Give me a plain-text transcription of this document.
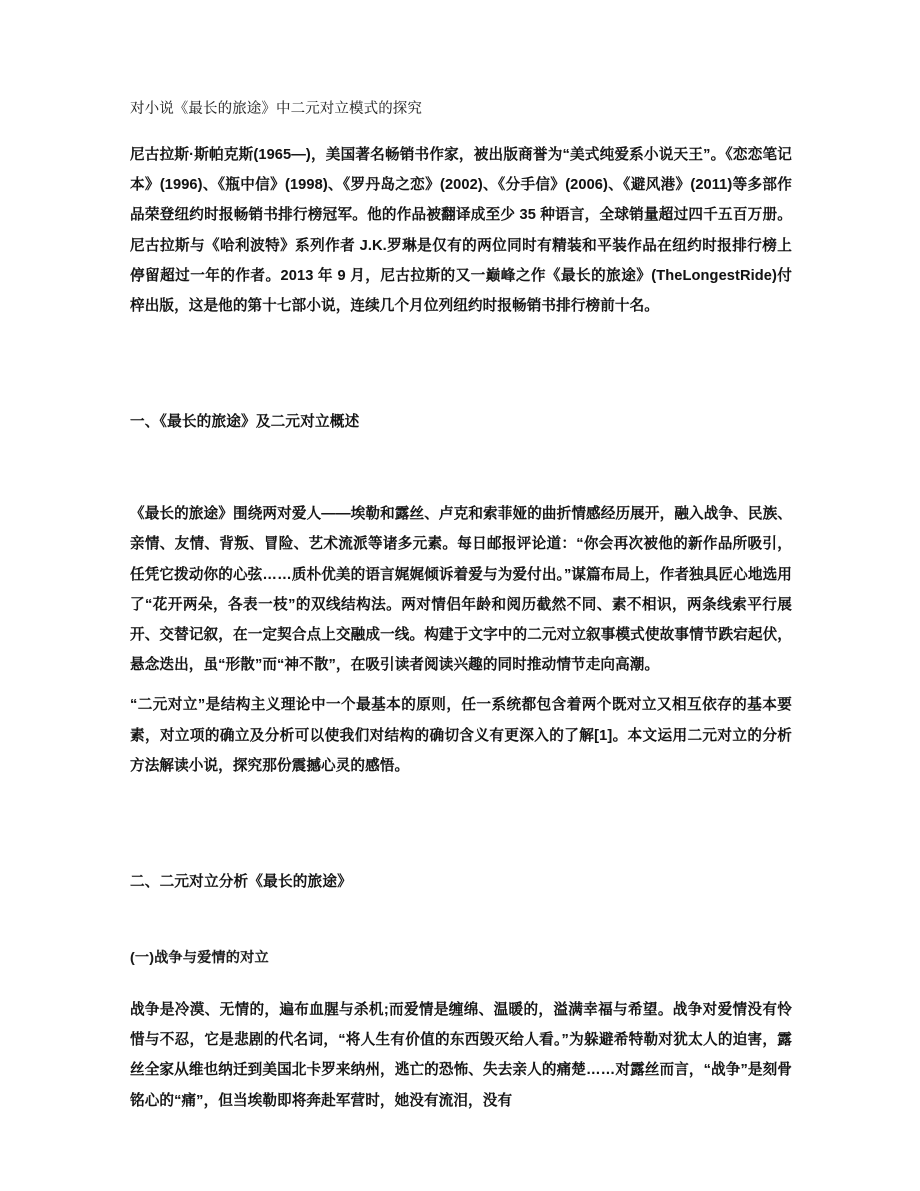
对小说《最长的旅途》中二元对立模式的探究

尼古拉斯·斯帕克斯(1965—)，美国著名畅销书作家，被出版商誉为“美式纯爱系小说天王”。《恋恋笔记本》(1996)、《瓶中信》(1998)、《罗丹岛之恋》(2002)、《分手信》(2006)、《避风港》(2011)等多部作品荣登纽约时报畅销书排行榜冠军。他的作品被翻译成至少 35 种语言，全球销量超过四千五百万册。尼古拉斯与《哈利波特》系列作者 J.K.罗琳是仅有的两位同时有精装和平装作品在纽约时报排行榜上停留超过一年的作者。2013 年 9 月，尼古拉斯的又一巅峰之作《最长的旅途》(TheLongestRide)付梓出版，这是他的第十七部小说，连续几个月位列纽约时报畅销书排行榜前十名。

一、《最长的旅途》及二元对立概述

《最长的旅途》围绕两对爱人——埃勒和露丝、卢克和索菲娅的曲折情感经历展开，融入战争、民族、亲情、友情、背叛、冒险、艺术流派等诸多元素。每日邮报评论道：“你会再次被他的新作品所吸引，任凭它拨动你的心弦……质朴优美的语言娓娓倾诉着爱与为爱付出。”谋篇布局上，作者独具匠心地选用了“花开两朵，各表一枝”的双线结构法。两对情侣年龄和阅历截然不同、素不相识，两条线索平行展开、交替记叙，在一定契合点上交融成一线。构建于文字中的二元对立叙事模式使故事情节跌宕起伏，悬念迭出，虽“形散”而“神不散”，在吸引读者阅读兴趣的同时推动情节走向高潮。

“二元对立”是结构主义理论中一个最基本的原则，任一系统都包含着两个既对立又相互依存的基本要素，对立项的确立及分析可以使我们对结构的确切含义有更深入的了解[1]。本文运用二元对立的分析方法解读小说，探究那份震撼心灵的感悟。

二、二元对立分析《最长的旅途》
(一)战争与爱情的对立

战争是冷漠、无情的，遍布血腥与杀机;而爱情是缠绵、温暖的，溢满幸福与希望。战争对爱情没有怜惜与不忍，它是悲剧的代名词，“将人生有价值的东西毁灭给人看。”为躲避希特勒对犹太人的迫害，露丝全家从维也纳迁到美国北卡罗来纳州，逃亡的恐怖、失去亲人的痛楚……对露丝而言，“战争”是刻骨铭心的“痛”，但当埃勒即将奔赴军营时，她没有流泪，没有
